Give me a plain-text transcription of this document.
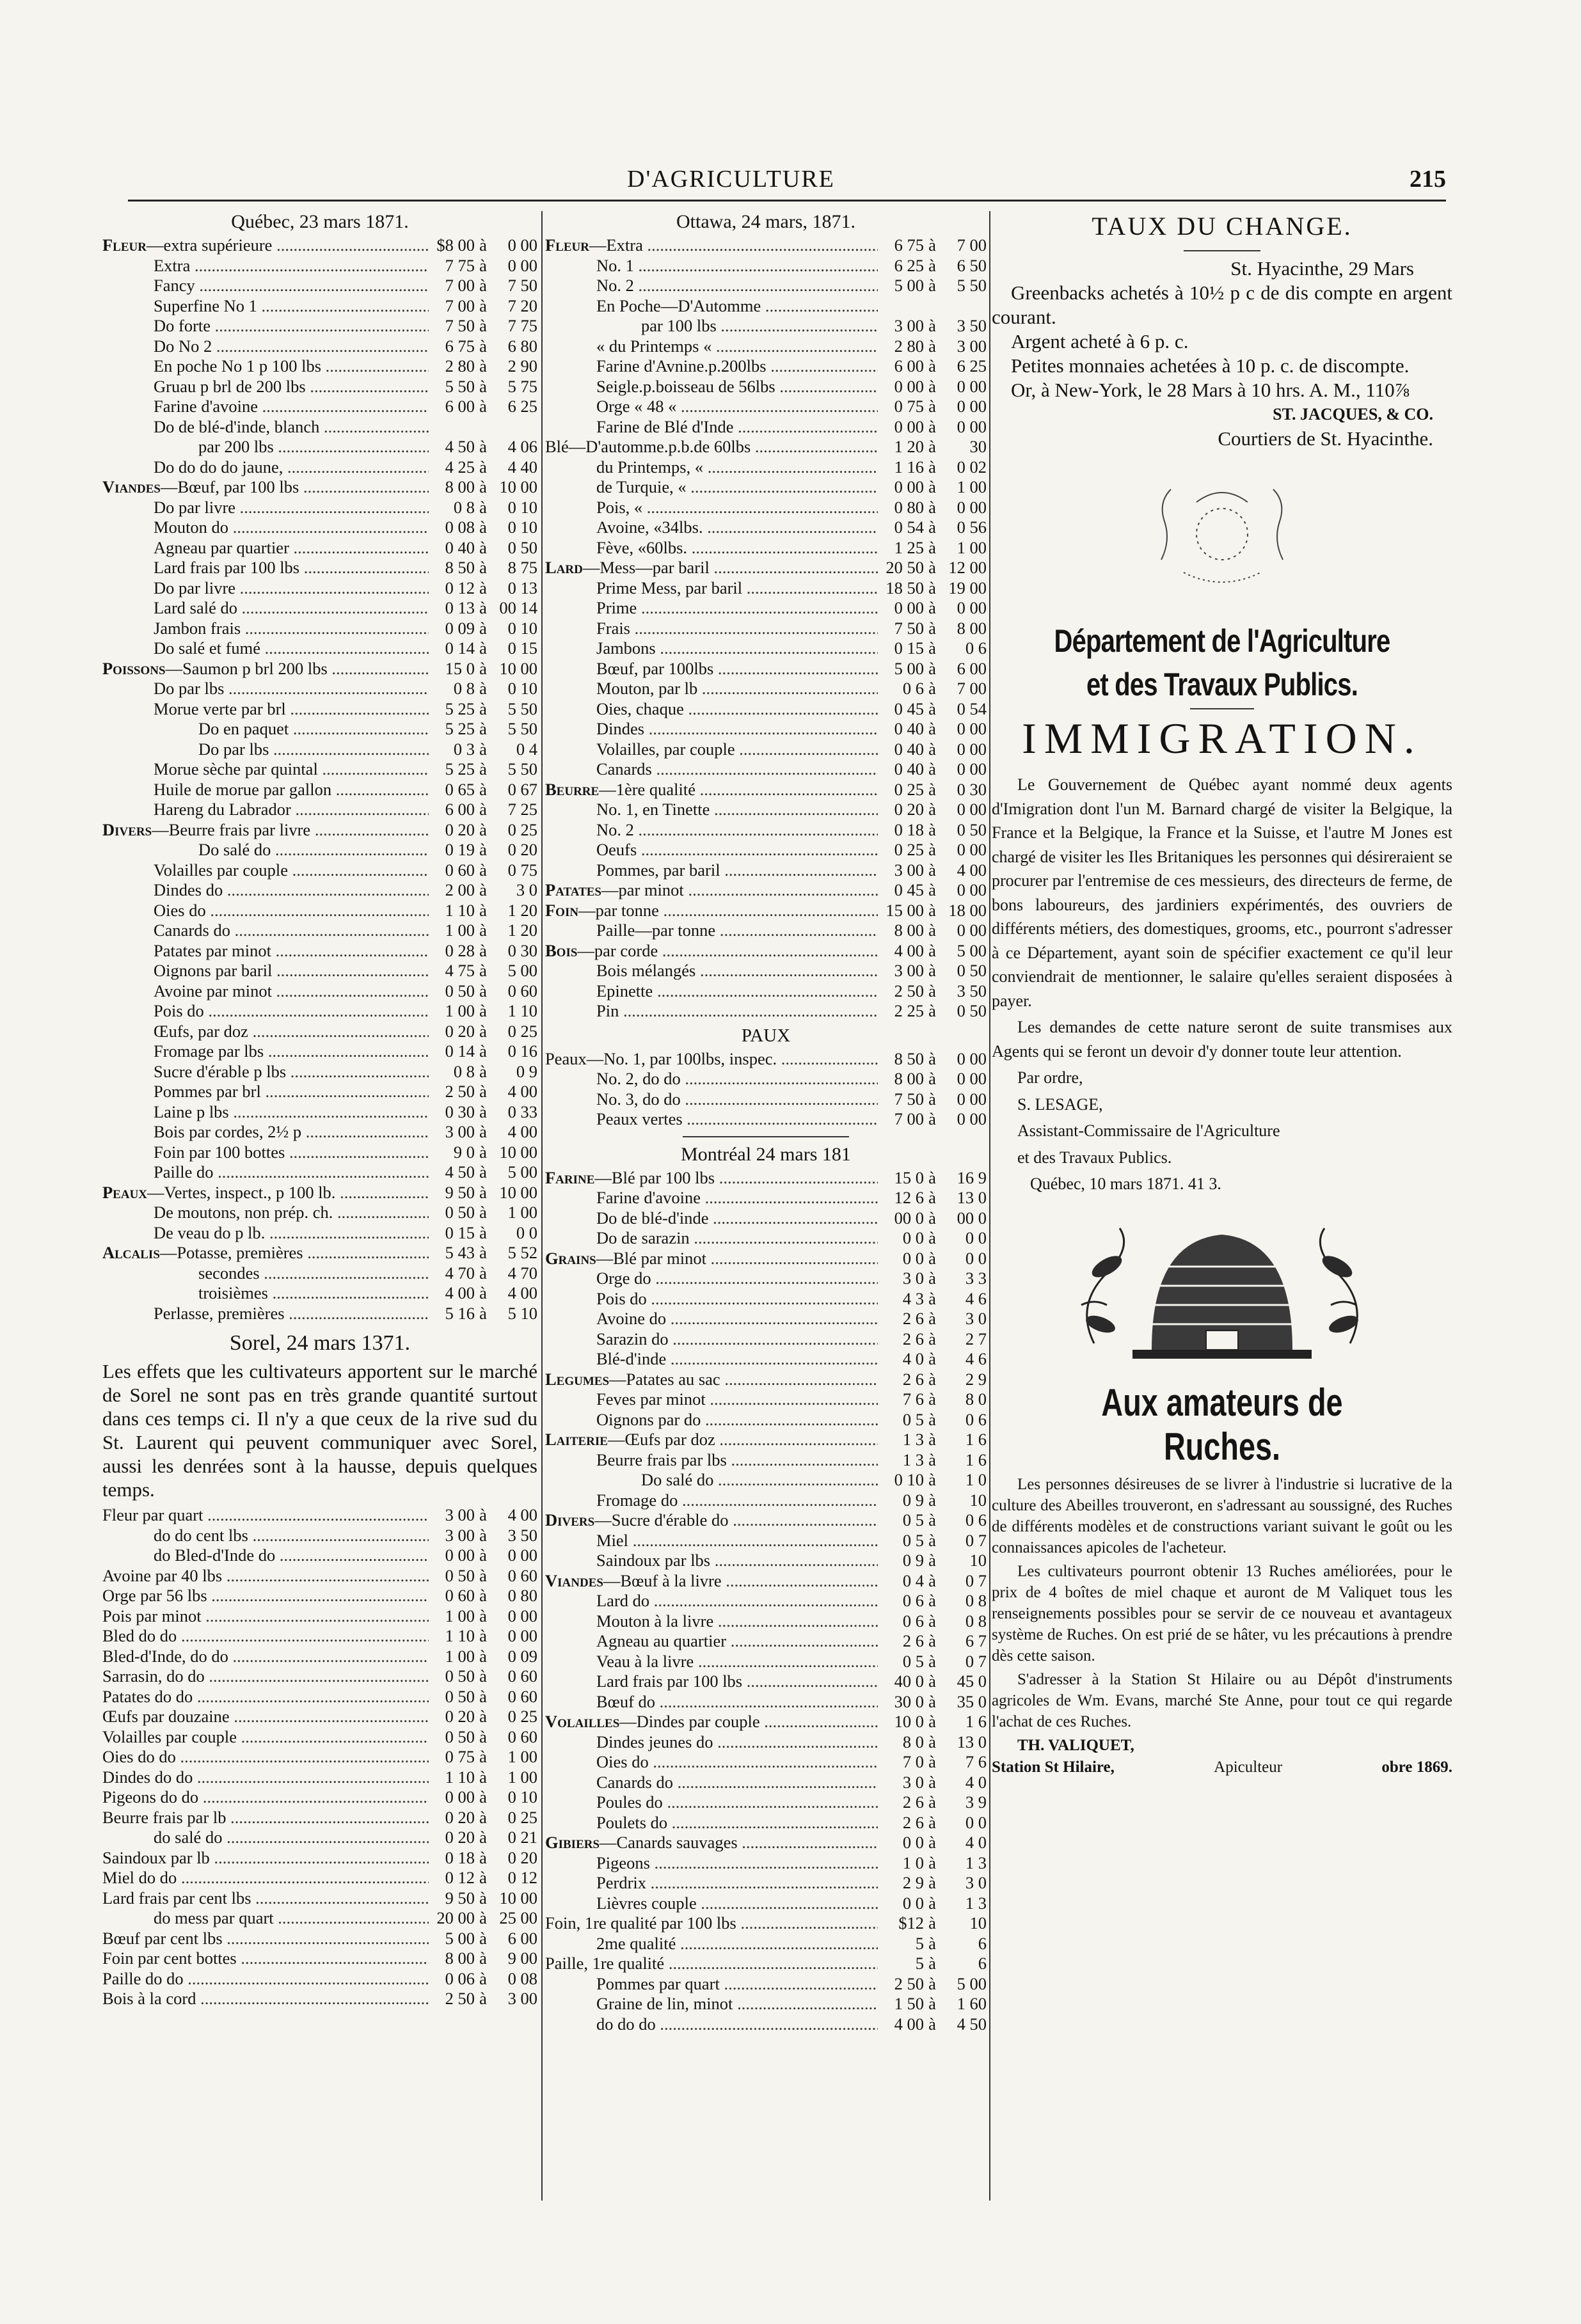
D'AGRICULTURE	215
Québec, 23 mars 1871.
Fleur—extra supérieure .....	$8 00 à	0 00
Extra .....	7 75 à	0 00
Fancy .....	7 00 à	7 50
Superfine No 1 .....	7 00 à	7 20
Do forte .....	7 50 à	7 75
Do No 2 .....	6 75 à	6 80
En poche No 1 p 100 lbs .....	2 80 à	2 90
Gruau p brl de 200 lbs .....	5 50 à	5 75
Farine d'avoine .....	6 00 à	6 25
Do de blé-d'inde, blanch .....
par 200 lbs .....	4 50 à	4 06
Do do do do jaune, .....	4 25 à	4 40
Viandes—Bœuf, par 100 lbs .....	8 00 à 10 00
Do par livre .....	0 8 à	0 10
Mouton do .....	0 08 à	0 10
Agneau par quartier .....	0 40 à	0 50
Lard frais par 100 lbs .....	8 50 à	8 75
Do par livre .....	0 12 à	0 13
Lard salé do .....	0 13 à 00 14
Jambon frais .....	0 09 à	0 10
Do salé et fumé .....	0 14 à	0 15
Poissons—Saumon p brl 200 lbs .....	15 0 à 10 00
Do par lbs .....	0 8 à	0 10
Morue verte par brl .....	5 25 à	5 50
Do en paquet .....	5 25 à	5 50
Do par lbs .....	0 3 à	0 4
Morue sèche par quintal .....	5 25 à	5 50
Huile de morue par gallon .....	0 65 à	0 67
Hareng du Labrador .....	6 00 à	7 25
Divers—Beurre frais par livre .....	0 20 à	0 25
Do salé do .....	0 19 à	0 20
Volailles par couple .....	0 60 à	0 75
Dindes do .....	2 00 à	3 0
Oies do .....	1 10 à	1 20
Canards do .....	1 00 à	1 20
Patates par minot .....	0 28 à	0 30
Oignons par baril .....	4 75 à	5 00
Avoine par minot .....	0 50 à	0 60
Pois do .....	1 00 à	1 10
Œufs, par doz .....	0 20 à	0 25
Fromage par lbs .....	0 14 à	0 16
Sucre d'érable p lbs .....	0 8 à	0 9
Pommes par brl .....	2 50 à	4 00
Laine p lbs .....	0 30 à	0 33
Bois par cordes, 2½ p .....	3 00 à	4 00
Foin par 100 bottes .....	9 0 à 10 00
Paille do .....	4 50 à	5 00
Peaux—Vertes, inspect., p 100 lb. .....	9 50 à 10 00
De moutons, non prép. ch. .....	0 50 à	1 00
De veau do p lb. .....	0 15 à	0 0
Alcalis—Potasse, premières .....	5 43 à	5 52
secondes .....	4 70 à	4 70
troisièmes .....	4 00 à	4 00
Perlasse, premières .....	5 16 à	5 10
Sorel, 24 mars 1371.

Les effets que les cultivateurs apportent sur le marché de Sorel ne sont pas en très grande quantité surtout dans ces temps ci. Il n'y a que ceux de la rive sud du St. Laurent qui peuvent communiquer avec Sorel, aussi les denrées sont à la hausse, depuis quelques temps.

Fleur par quart .....	3 00 à	4 00
do do cent lbs .....	3 00 à	3 50
do Bled-d'Inde do .....	0 00 à	0 00
Avoine par 40 lbs .....	0 50 à	0 60
Orge par 56 lbs .....	0 60 à	0 80
Pois par minot .....	1 00 à	0 00
Bled do do .....	1 10 à	0 00
Bled-d'Inde, do do .....	1 00 à	0 09
Sarrasin, do do .....	0 50 à	0 60
Patates do do .....	0 50 à	0 60
Œufs par douzaine .....	0 20 à	0 25
Volailles par couple .....	0 50 à	0 60
Oies do do .....	0 75 à	1 00
Dindes do do .....	1 10 à	1 00
Pigeons do do .....	0 00 à	0 10
Beurre frais par lb .....	0 20 à	0 25
do salé do .....	0 20 à	0 21
Saindoux par lb .....	0 18 à	0 20
Miel do do .....	0 12 à	0 12
Lard frais par cent lbs .....	9 50 à 10 00
do mess par quart .....	20 00 à 25 00
Bœuf par cent lbs .....	5 00 à	6 00
Foin par cent bottes .....	8 00 à	9 00
Paille do do .....	0 06 à	0 08
Bois à la cord .....	2 50 à	3 00
Ottawa, 24 mars, 1871.
Fleur—Extra .....	6 75 à	7 00
No. 1 .....	6 25 à	6 50
No. 2 .....	5 00 à	5 50
En Poche—D'Automme .....
par 100 lbs .....	3 00 à	3 50
« du Printemps « .....	2 80 à	3 00
Farine d'Avnine.p.200lbs .....	6 00 à	6 25
Seigle.p.boisseau de 56lbs .....	0 00 à	0 00
Orge « 48 « .....	0 75 à	0 00
Farine de Blé d'Inde .....	0 00 à	0 00
Blé—D'automme.p.b.de 60lbs .....	1 20 à	30
du Printemps, « .....	1 16 à	0 02
de Turquie, « .....	0 00 à	1 00
Pois, « .....	0 80 à	0 00
Avoine, «34lbs. .....	0 54 à	0 56
Fève, «60lbs. .....	1 25 à	1 00
Lard—Mess—par baril .....	20 50 à 12 00
Prime Mess, par baril .....	18 50 à 19 00
Prime .....	0 00 à	0 00
Frais .....	7 50 à	8 00
Jambons .....	0 15 à	0 6
Bœuf, par 100lbs .....	5 00 à	6 00
Mouton, par lb .....	0 6 à	7 00
Oies, chaque .....	0 45 à	0 54
Dindes .....	0 40 à	0 00
Volailles, par couple .....	0 40 à	0 00
Canards .....	0 40 à	0 00
Beurre—1ère qualité .....	0 25 à	0 30
No. 1, en Tinette .....	0 20 à	0 00
No. 2 .....	0 18 à	0 50
Oeufs .....	0 25 à	0 00
Pommes, par baril .....	3 00 à	4 00
Patates—par minot .....	0 45 à	0 00
Foin—par tonne .....	15 00 à 18 00
Paille—par tonne .....	8 00 à	0 00
Bois—par corde .....	4 00 à	5 00
Bois mélangés .....	3 00 à	0 50
Epinette .....	2 50 à	3 50
Pin .....	2 25 à	0 50
PAUX
Peaux—No. 1, par 100lbs, inspec. .....	8 50 à	0 00
No. 2, do do .....	8 00 à	0 00
No. 3, do do .....	7 50 à	0 00
Peaux vertes .....	7 00 à	0 00
Montréal 24 mars 181
Farine—Blé par 100 lbs .....	15 0 à	16 9
Farine d'avoine .....	12 6 à	13 0
Do de blé-d'inde .....	00 0 à	00 0
Do de sarazin .....	0 0 à	0 0
Grains—Blé par minot .....	0 0 à	0 0
Orge do .....	3 0 à	3 3
Pois do .....	4 3 à	4 6
Avoine do .....	2 6 à	3 0
Sarazin do .....	2 6 à	2 7
Blé-d'inde .....	4 0 à	4 6
Legumes—Patates au sac .....	2 6 à	2 9
Feves par minot .....	7 6 à	8 0
Oignons par do .....	0 5 à	0 6
Laiterie—Œufs par doz .....	1 3 à	1 6
Beurre frais par lbs .....	1 3 à	1 6
Do salé do .....	0 10 à	1 0
Fromage do .....	0 9 à	10
Divers—Sucre d'érable do .....	0 5 à	0 6
Miel .....	0 5 à	0 7
Saindoux par lbs .....	0 9 à	10
Viandes—Bœuf à la livre .....	0 4 à	0 7
Lard do .....	0 6 à	0 8
Mouton à la livre .....	0 6 à	0 8
Agneau au quartier .....	2 6 à	6 7
Veau à la livre .....	0 5 à	0 7
Lard frais par 100 lbs .....	40 0 à	45 0
Bœuf do .....	30 0 à	35 0
Volailles—Dindes par couple .....	10 0 à	1 6
Dindes jeunes do .....	8 0 à	13 0
Oies do .....	7 0 à	7 6
Canards do .....	3 0 à	4 0
Poules do .....	2 6 à	3 9
Poulets do .....	2 6 à	0 0
Gibiers—Canards sauvages .....	0 0 à	4 0
Pigeons .....	1 0 à	1 3
Perdrix .....	2 9 à	3 0
Lièvres couple .....	0 0 à	1 3
Foin, 1re qualité par 100 lbs .....	$12 à	10
2me qualité .....	5 à	6
Paille, 1re qualité .....	5 à	6
Pommes par quart .....	2 50 à	5 00
Graine de lin, minot .....	1 50 à	1 60
do do do .....	4 00 à	4 50
TAUX DU CHANGE.

St. Hyacinthe, 29 Mars

Greenbacks achetés à 10½ p c de dis compte en argent courant.

Argent acheté à 6 p. c.

Petites monnaies achetées à 10 p. c. de discompte.

Or, à New-York, le 28 Mars à 10 hrs. A. M., 110⅞

ST. JACQUES, & CO.

Courtiers de St. Hyacinthe.

Département de l'Agriculture
et des Travaux Publics.
IMMIGRATION.

Le Gouvernement de Québec ayant nommé deux agents d'Imigration dont l'un M. Barnard chargé de visiter la Belgique, la France et la Belgique, la France et la Suisse, et l'autre M Jones est chargé de visiter les Iles Britaniques les personnes qui désireraient se procurer par l'entremise de ces messieurs, des directeurs de ferme, de bons laboureurs, des jardiniers expérimentés, des ouvriers de différents métiers, des domestiques, grooms, etc., pourront s'adresser à ce Département, ayant soin de spécifier exactement ce qu'il leur conviendrait de mentionner, le salaire qu'elles seraient disposées à payer.

Les demandes de cette nature seront de suite transmises aux Agents qui se feront un devoir d'y donner toute leur attention.

Par ordre,

S. LESAGE,

Assistant-Commissaire de l'Agriculture

et des Travaux Publics.

Québec, 10 mars 1871. 41 3.

Aux amateurs de Ruches.

Les personnes désireuses de se livrer à l'industrie si lucrative de la culture des Abeilles trouveront, en s'adressant au soussigné, des Ruches de différents modèles et de constructions variant suivant le goût ou les connaissances apicoles de l'acheteur.

Les cultivateurs pourront obtenir 13 Ruches améliorées, pour le prix de 4 boîtes de miel chaque et auront de M Valiquet tous les renseignements possibles pour se servir de ce nouveau et avantageux système de Ruches. On est prié de se hâter, vu les précautions à prendre dès cette saison.

S'adresser à la Station St Hilaire ou au Dépôt d'instruments agricoles de Wm. Evans, marché Ste Anne, pour tout ce qui regarde l'achat de ces Ruches.

TH. VALIQUET,

Station St Hilaire,	Apiculteur	obre 1869.
